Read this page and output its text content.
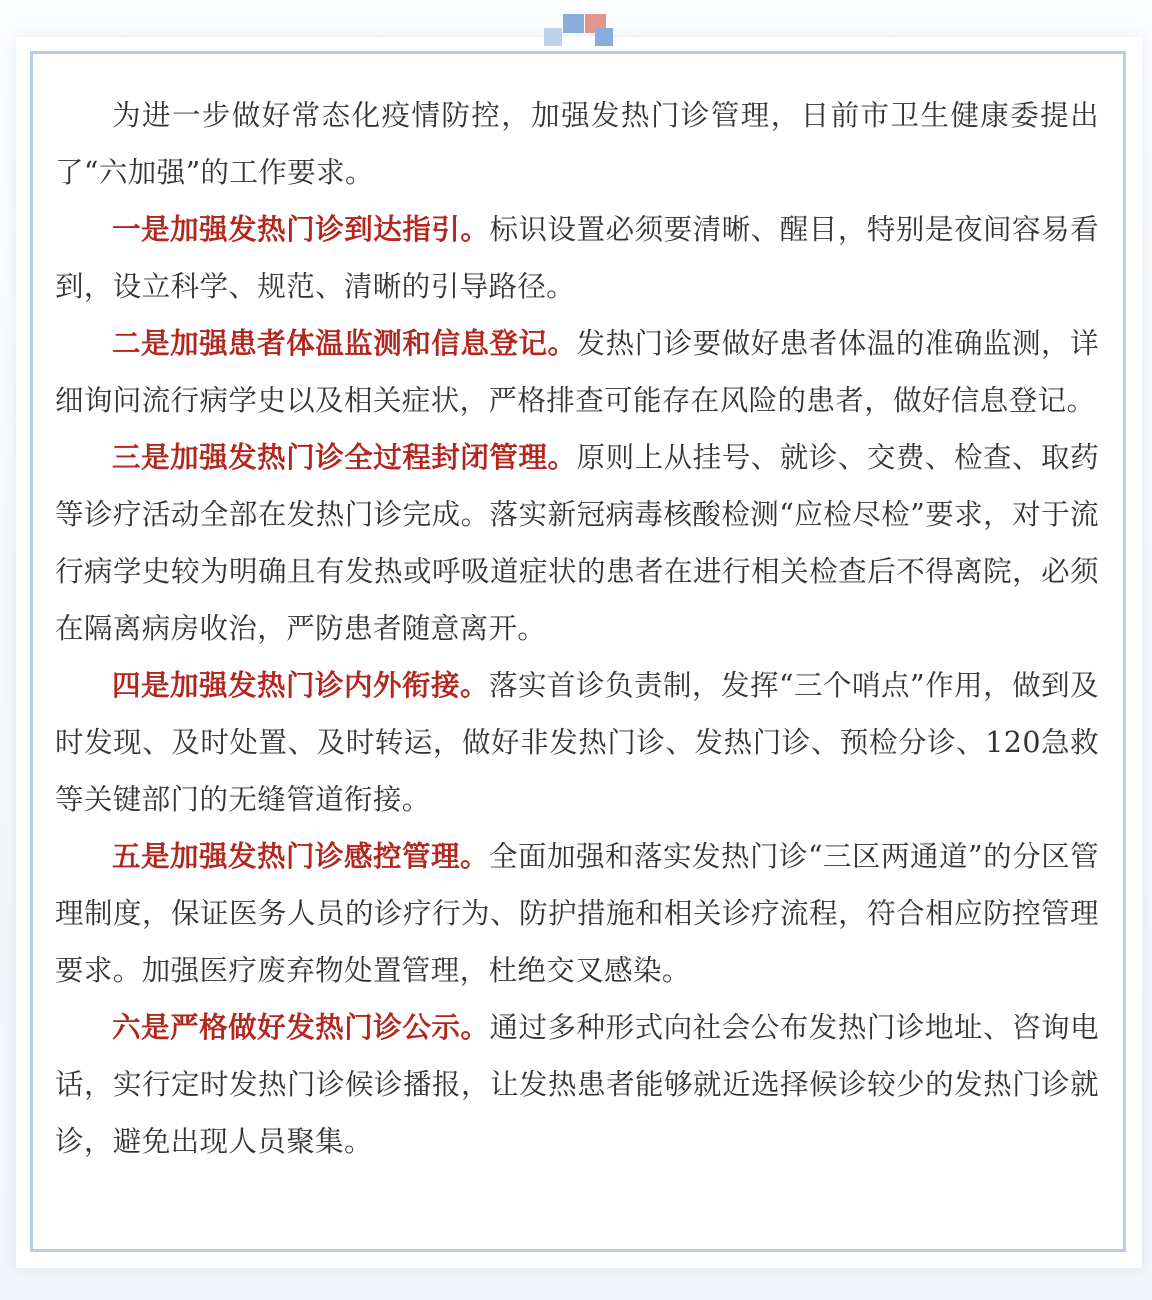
为进一步做好常态化疫情防控，加强发热门诊管理，日前市卫生健康委提出了“六加强”的工作要求。

一是加强发热门诊到达指引。标识设置必须要清晰、醒目，特别是夜间容易看到，设立科学、规范、清晰的引导路径。

二是加强患者体温监测和信息登记。发热门诊要做好患者体温的准确监测，详细询问流行病学史以及相关症状，严格排查可能存在风险的患者，做好信息登记。

三是加强发热门诊全过程封闭管理。原则上从挂号、就诊、交费、检查、取药等诊疗活动全部在发热门诊完成。落实新冠病毒核酸检测“应检尽检”要求，对于流行病学史较为明确且有发热或呼吸道症状的患者在进行相关检查后不得离院，必须在隔离病房收治，严防患者随意离开。

四是加强发热门诊内外衔接。落实首诊负责制，发挥“三个哨点”作用，做到及时发现、及时处置、及时转运，做好非发热门诊、发热门诊、预检分诊、120急救等关键部门的无缝管道衔接。

五是加强发热门诊感控管理。全面加强和落实发热门诊“三区两通道”的分区管理制度，保证医务人员的诊疗行为、防护措施和相关诊疗流程，符合相应防控管理要求。加强医疗废弃物处置管理，杜绝交叉感染。

六是严格做好发热门诊公示。通过多种形式向社会公布发热门诊地址、咨询电话，实行定时发热门诊候诊播报，让发热患者能够就近选择候诊较少的发热门诊就诊，避免出现人员聚集。
